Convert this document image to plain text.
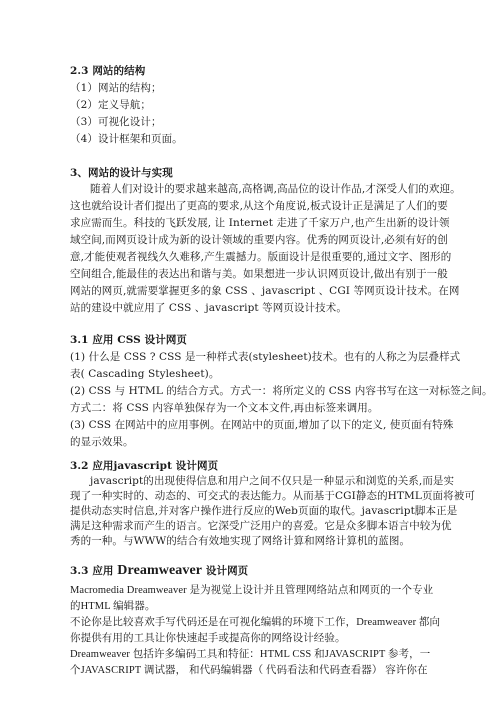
2.3 网站的结构
（1）网站的结构；
（2）定义导航；
（3）可视化设计；
（4）设计框架和页面。
3、网站的设计与实现
随着人们对设计的要求越来越高,高格调,高品位的设计作品,才深受人们的欢迎。
这也就给设计者们提出了更高的要求,从这个角度说,板式设计正是满足了人们的要
求应需而生。科技的飞跃发展, 让 Internet 走进了千家万户,也产生出新的设计领
域空间,而网页设计成为新的设计领域的重要内容。优秀的网页设计,必须有好的创
意,才能使观者视线久久难移,产生震撼力。版面设计是很重要的,通过文字、图形的
空间组合,能最佳的表达出和谐与美。如果想进一步认识网页设计,做出有别于一般
网站的网页,就需要掌握更多的象 CSS 、javascript 、CGI 等网页设计技术。在网
站的建设中就应用了 CSS 、javascript 等网页设计技术。
3.1 应用 CSS 设计网页
(1) 什么是 CSS ? CSS 是一种样式表(stylesheet)技术。也有的人称之为层叠样式
表( Cascading Stylesheet)。
(2) CSS 与 HTML 的结合方式。方式一：将所定义的 CSS 内容书写在这一对标签之间。
方式二：将 CSS 内容单独保存为一个文本文件,再由标签来调用。
(3) CSS 在网站中的应用事例。在网站中的页面,增加了以下的定义, 使页面有特殊
的显示效果。
3.2 应用javascript 设计网页
javascript的出现使得信息和用户之间不仅只是一种显示和浏览的关系,而是实
现了一种实时的、动态的、可交式的表达能力。从而基于CGI静态的HTML页面将被可
提供动态实时信息,并对客户操作进行反应的Web页面的取代。javascript脚本正是
满足这种需求而产生的语言。它深受广泛用户的喜爱。它是众多脚本语言中较为优
秀的一种。与WWW的结合有效地实现了网络计算和网络计算机的蓝图。
3.3 应用 Dreamweaver 设计网页
Macromedia Dreamweaver 是为视觉上设计并且管理网络站点和网页的一个专业
的HTML 编辑器。
不论你是比较喜欢手写代码还是在可视化编辑的环境下工作，Dreamweaver 都向
你提供有用的工具让你快速起手或提高你的网络设计经验。
Dreamweaver 包括许多编码工具和特征：HTML CSS 和JAVASCRIPT 参考，一
个JAVASCRIPT 调试器， 和代码编辑器（ 代码看法和代码查看器） 容许你在
